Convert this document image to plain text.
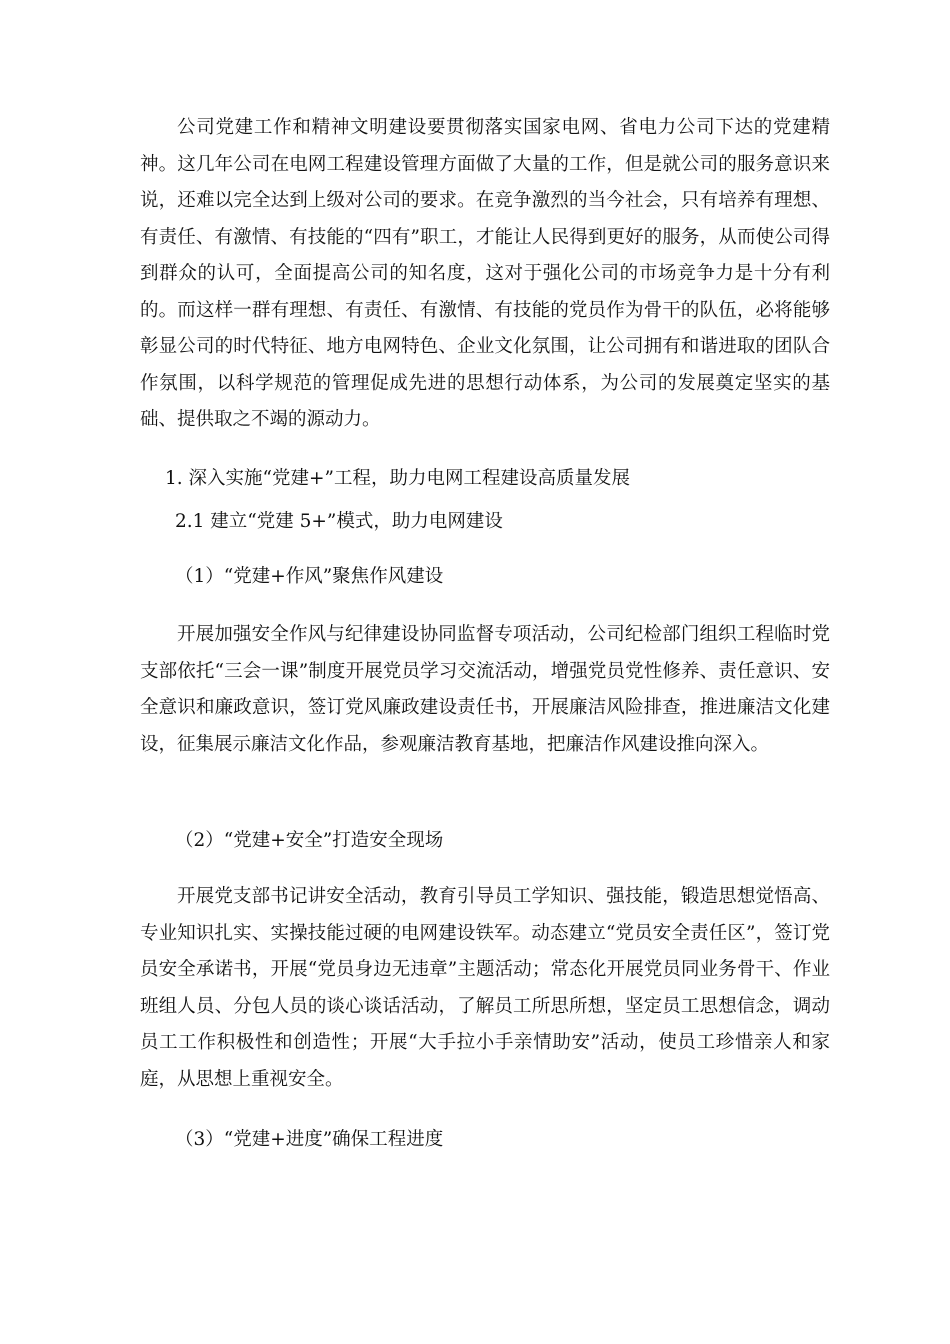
公司党建工作和精神文明建设要贯彻落实国家电网、省电力公司下达的党建精神。这几年公司在电网工程建设管理方面做了大量的工作，但是就公司的服务意识来说，还难以完全达到上级对公司的要求。在竞争激烈的当今社会，只有培养有理想、有责任、有激情、有技能的“四有”职工，才能让人民得到更好的服务，从而使公司得到群众的认可，全面提高公司的知名度，这对于强化公司的市场竞争力是十分有利的。而这样一群有理想、有责任、有激情、有技能的党员作为骨干的队伍，必将能够彰显公司的时代特征、地方电网特色、企业文化氛围，让公司拥有和谐进取的团队合作氛围，以科学规范的管理促成先进的思想行动体系，为公司的发展奠定坚实的基础、提供取之不竭的源动力。

1. 深入实施“党建+”工程，助力电网工程建设高质量发展

2.1 建立“党建 5+”模式，助力电网建设

（1）“党建+作风”聚焦作风建设

开展加强安全作风与纪律建设协同监督专项活动，公司纪检部门组织工程临时党支部依托“三会一课”制度开展党员学习交流活动，增强党员党性修养、责任意识、安全意识和廉政意识，签订党风廉政建设责任书，开展廉洁风险排查，推进廉洁文化建设，征集展示廉洁文化作品，参观廉洁教育基地，把廉洁作风建设推向深入。

（2）“党建+安全”打造安全现场

开展党支部书记讲安全活动，教育引导员工学知识、强技能，锻造思想觉悟高、专业知识扎实、实操技能过硬的电网建设铁军。动态建立“党员安全责任区”，签订党员安全承诺书，开展“党员身边无违章”主题活动；常态化开展党员同业务骨干、作业班组人员、分包人员的谈心谈话活动，了解员工所思所想，坚定员工思想信念，调动员工工作积极性和创造性；开展“大手拉小手亲情助安”活动，使员工珍惜亲人和家庭，从思想上重视安全。

（3）“党建+进度”确保工程进度
